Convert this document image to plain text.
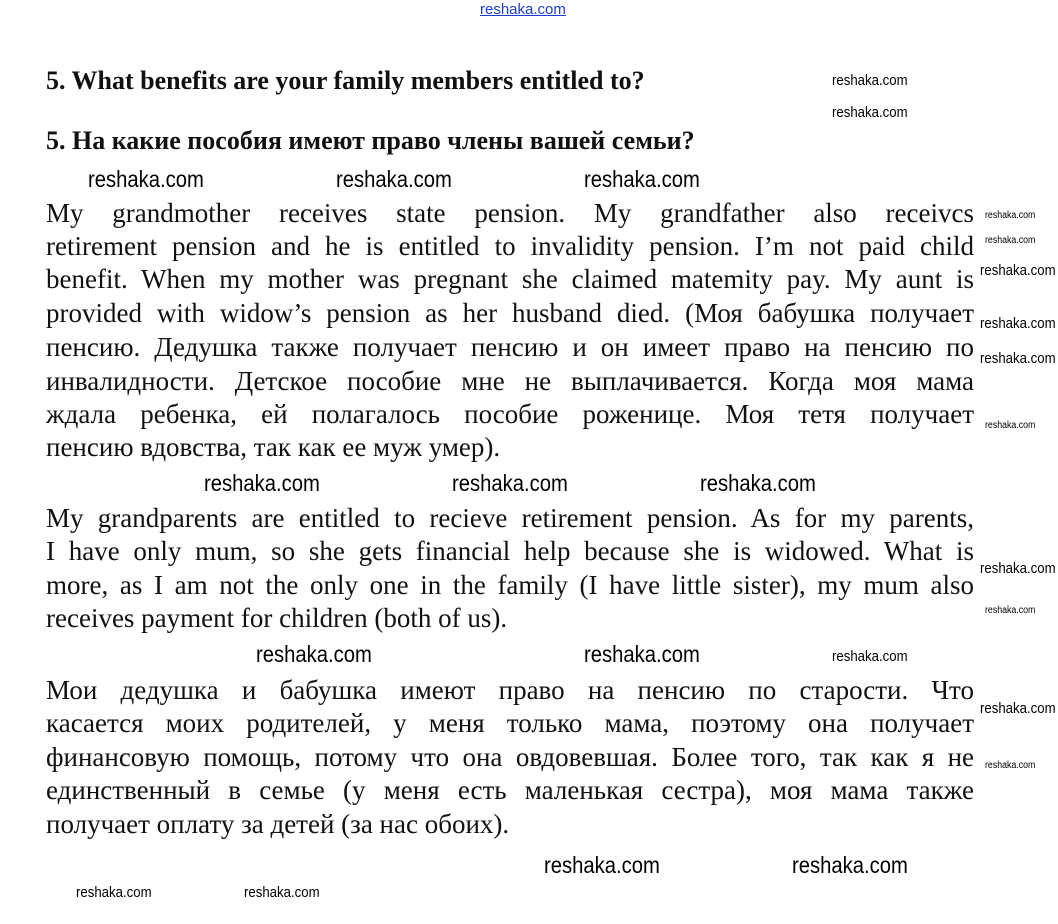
reshaka.com
5. What benefits are your family members entitled to?
5. На какие пособия имеют право члены вашей семьи?
My grandmother receives state pension. My grandfather also receivcs
retirement pension and he is entitled to invalidity pension. I’m not paid child
benefit. When my mother was pregnant she claimed matemity pay. My aunt is
provided with widow’s pension as her husband died. (Моя бабушка получает
пенсию. Дедушка также получает пенсию и он имеет право на пенсию по
инвалидности. Детское пособие мне не выплачивается. Когда моя мама
ждала ребенка, ей полагалось пособие роженице. Моя тетя получает
пенсию вдовства, так как ее муж умер).
My grandparents are entitled to recieve retirement pension. As for my parents,
I have only mum, so she gets financial help because she is widowed. What is
more, as I am not the only one in the family (I have little sister), my mum also
receives payment for children (both of us).
Мои дедушка и бабушка имеют право на пенсию по старости. Что
касается моих родителей, у меня только мама, поэтому она получает
финансовую помощь, потому что она овдовевшая. Более того, так как я не
единственный в семье (у меня есть маленькая сестра), моя мама также
получает оплату за детей (за нас обоих).
reshaka.com	reshaka.com	reshaka.com
reshaka.com
reshaka.com
reshaka.com
reshaka.com
reshaka.com
reshaka.com	reshaka.com
reshaka.com
reshaka.com
reshaka.com
reshaka.com
reshaka.com
reshaka.com
reshaka.com
reshaka.com
reshaka.com	reshaka.com
reshaka.com
reshaka.com
reshaka.com
reshaka.com
reshaka.com
